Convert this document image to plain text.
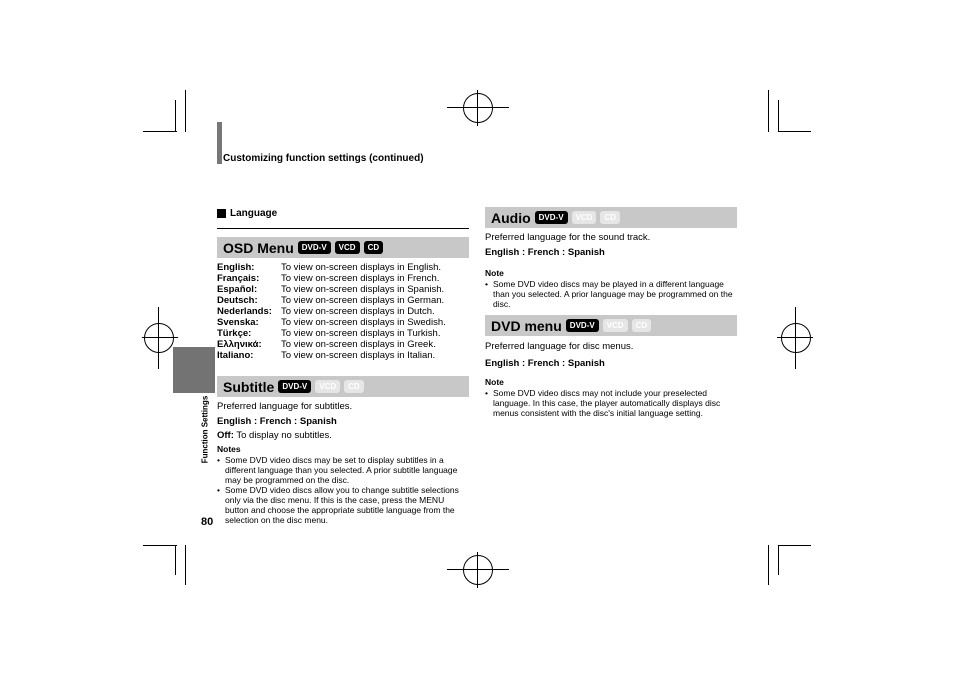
Customizing function settings (continued)
Function Settings
80
Language
OSD Menu	DVD-V	VCD	CD
English:	To view on-screen displays in English.
Français:	To view on-screen displays in French.
Español:	To view on-screen displays in Spanish.
Deutsch:	To view on-screen displays in German.
Nederlands:	To view on-screen displays in Dutch.
Svenska:	To view on-screen displays in Swedish.
Türkçe:	To view on-screen displays in Turkish.
Ελληνικά:	To view on-screen displays in Greek.
Italiano:	To view on-screen displays in Italian.
Subtitle	DVD-V	VCD	CD
Preferred language for subtitles.
English : French : Spanish
Off: To display no subtitles.
Notes
• Some DVD video discs may be set to display subtitles in a different language than you selected. A prior subtitle language may be programmed on the disc.
• Some DVD video discs allow you to change subtitle selections only via the disc menu. If this is the case, press the MENU button and choose the appropriate subtitle language from the selection on the disc menu.
Audio	DVD-V	VCD	CD
Preferred language for the sound track.
English : French : Spanish
Note
• Some DVD video discs may be played in a different language than you selected. A prior language may be programmed on the disc.
DVD menu	DVD-V	VCD	CD
Preferred language for disc menus.
English : French : Spanish
Note
• Some DVD video discs may not include your preselected language. In this case, the player automatically displays disc menus consistent with the disc's initial language setting.
